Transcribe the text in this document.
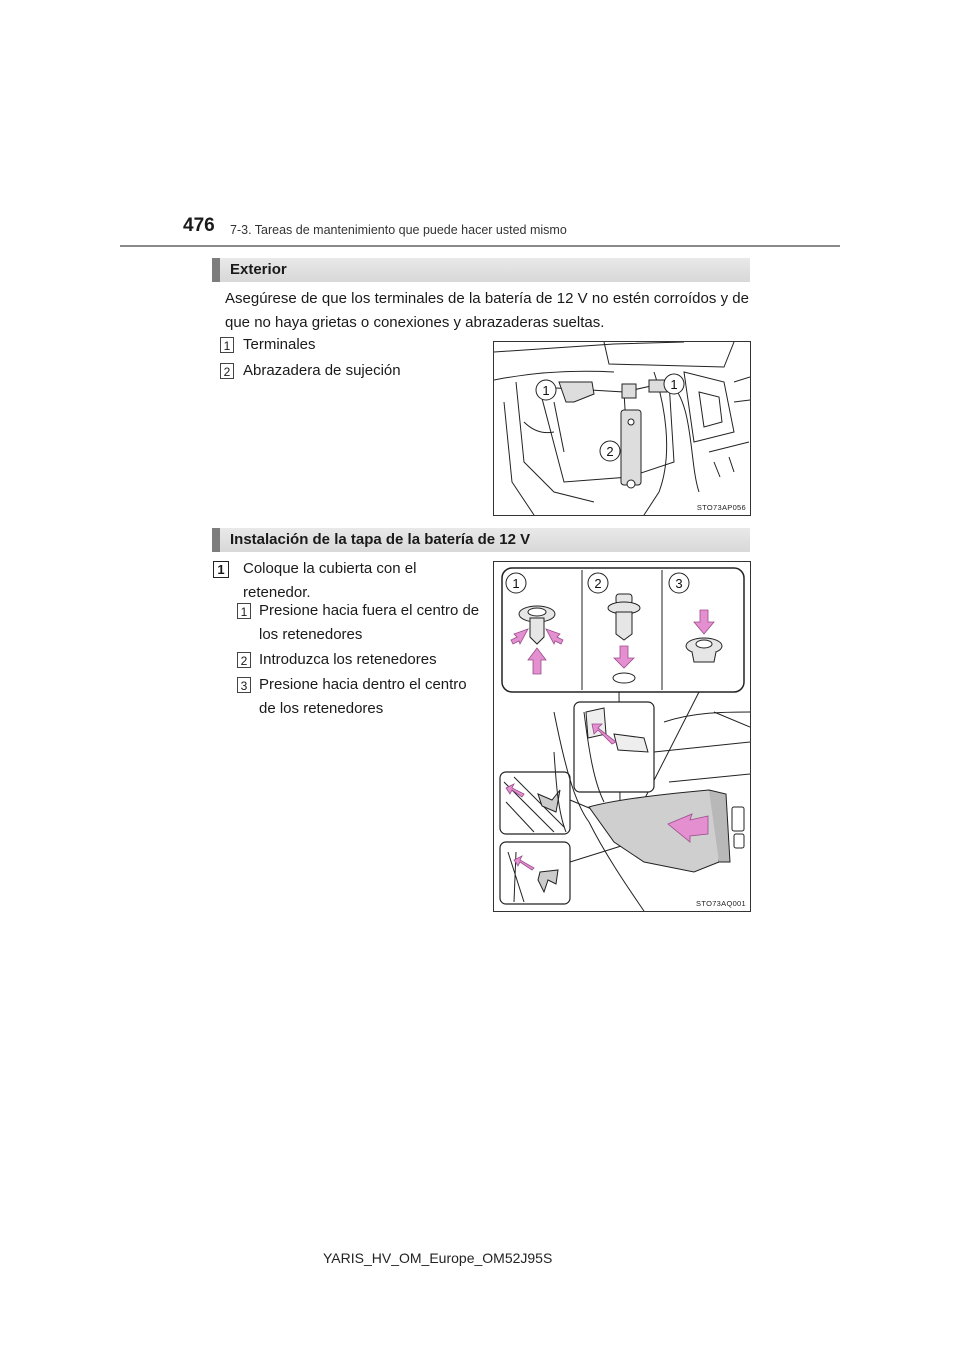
476 7-3. Tareas de mantenimiento que puede hacer usted mismo
Exterior
Asegúrese de que los terminales de la batería de 12 V no estén corroídos y de que no haya grietas o conexiones y abrazaderas sueltas.
1 Terminales
2 Abrazadera de sujeción
1	1
2
STO73AP056
Instalación de la tapa de la batería de 12 V
1 Coloque la cubierta con el retenedor.
1 Presione hacia fuera el centro de los retenedores
2 Introduzca los retenedores
3 Presione hacia dentro el centro de los retenedores
1	2	3
STO73AQ001
YARIS_HV_OM_Europe_OM52J95S
